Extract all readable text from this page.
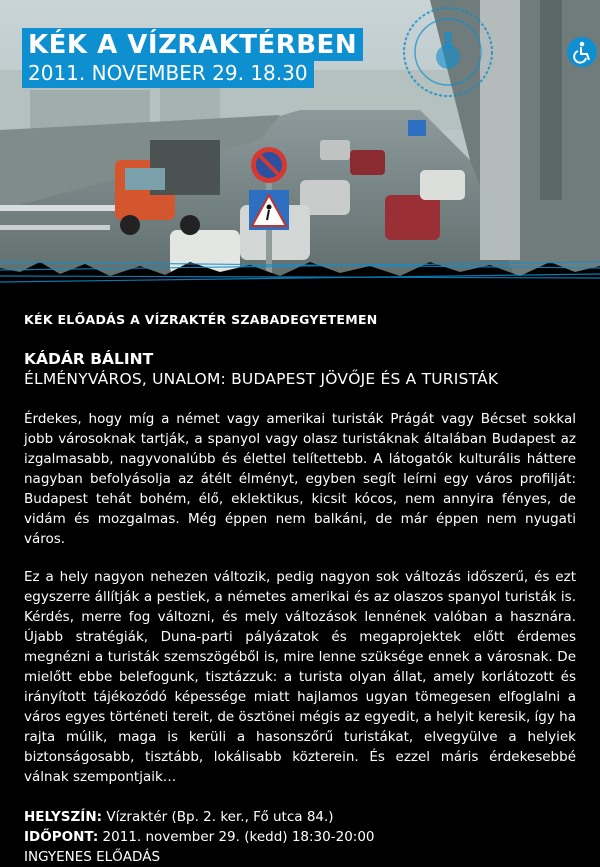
KÉK A VÍZRAKTÉRBEN
2011. NOVEMBER 29. 18.30

KÉK ELŐADÁS A VÍZRAKTÉR SZABADEGYETEMEN

KÁDÁR BÁLINT

ÉLMÉNYVÁROS, UNALOM: BUDAPEST JÖVŐJE ÉS A TURISTÁK

Érdekes, hogy míg a német vagy amerikai turisták Prágát vagy Bécset sokkal jobb városoknak tartják, a spanyol vagy olasz turistáknak általában Budapest az izgalmasabb, nagyvonalúbb és élettel telítettebb. A látogatók kulturális háttere nagyban befolyásolja az átélt élményt, egyben segít leírni egy város profilját: Budapest tehát bohém, élő, eklektikus, kicsit kócos, nem annyira fényes, de vidám és mozgalmas. Még éppen nem balkáni, de már éppen nem nyugati város.

Ez a hely nagyon nehezen változik, pedig nagyon sok változás időszerű, és ezt egyszerre állítják a pestiek, a németes amerikai és az olaszos spanyol turisták is. Kérdés, merre fog változni, és mely változások lennének valóban a hasznára. Újabb stratégiák, Duna-parti pályázatok és megaprojektek előtt érdemes megnézni a turisták szemszögéből is, mire lenne szüksége ennek a városnak. De mielőtt ebbe belefogunk, tisztázzuk: a turista olyan állat, amely korlátozott és irányított tájékozódó képessége miatt hajlamos ugyan tömegesen elfoglalni a város egyes történeti tereit, de ösztönei mégis az egyedit, a helyit keresik, így ha rajta múlik, maga is kerüli a hasonszőrű turistákat, elvegyülve a helyiek biztonságosabb, tisztább, lokálisabb közterein. És ezzel máris érdekesebbé válnak szempontjaik…

HELYSZÍN: Vízraktér (Bp. 2. ker., Fő utca 84.)
IDŐPONT: 2011. november 29. (kedd) 18:30-20:00
INGYENES ELŐADÁS
